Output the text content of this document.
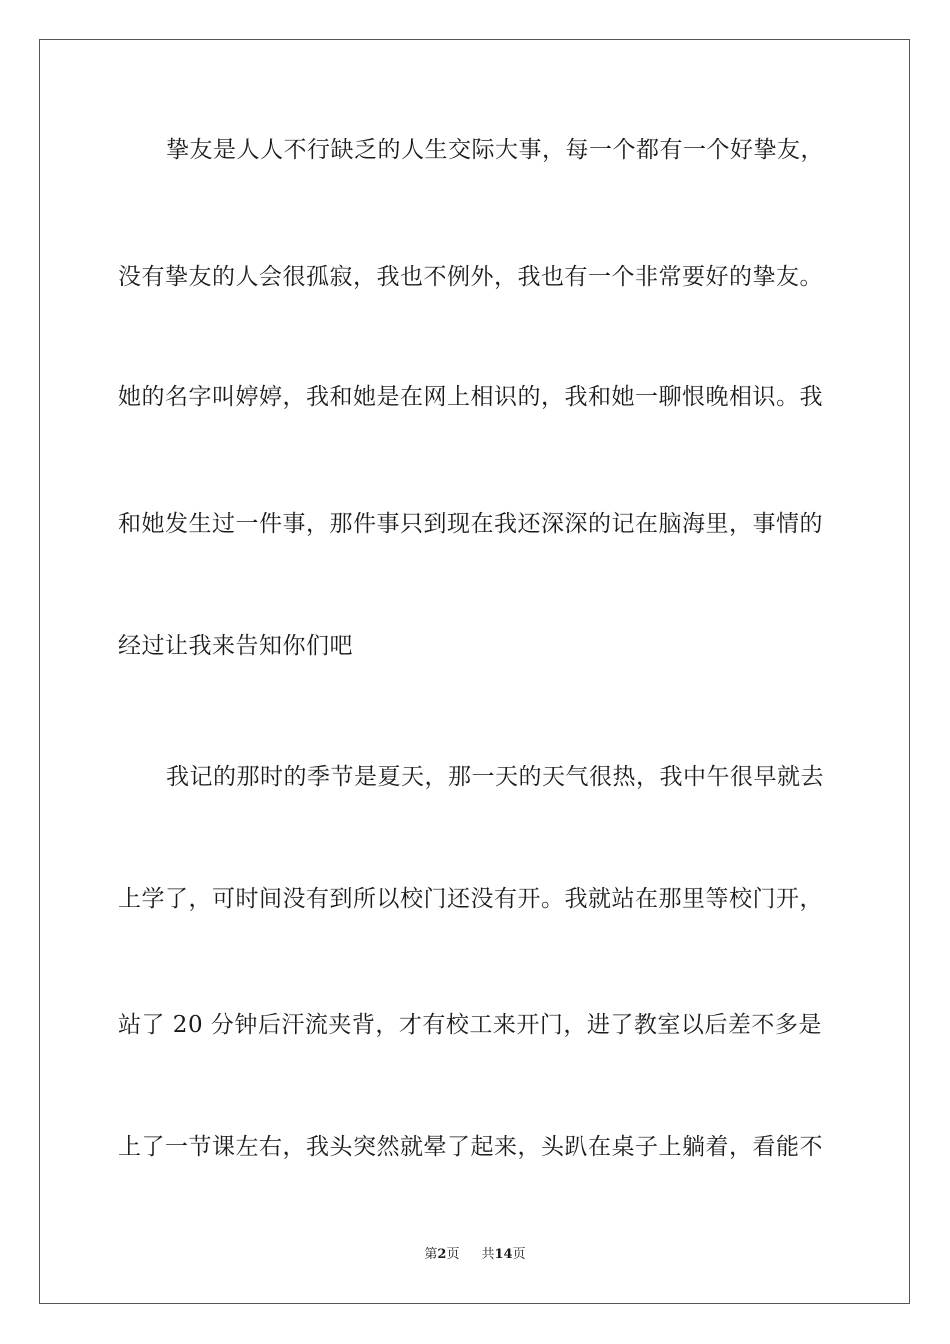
挚友是人人不行缺乏的人生交际大事，每一个都有一个好挚友，
没有挚友的人会很孤寂，我也不例外，我也有一个非常要好的挚友。
她的名字叫婷婷，我和她是在网上相识的，我和她一聊恨晚相识。我
和她发生过一件事，那件事只到现在我还深深的记在脑海里，事情的
经过让我来告知你们吧
我记的那时的季节是夏天，那一天的天气很热，我中午很早就去
上学了，可时间没有到所以校门还没有开。我就站在那里等校门开，
站了 20 分钟后汗流夹背，才有校工来开门，进了教室以后差不多是
上了一节课左右，我头突然就晕了起来，头趴在桌子上躺着，看能不
第2页 共14页
